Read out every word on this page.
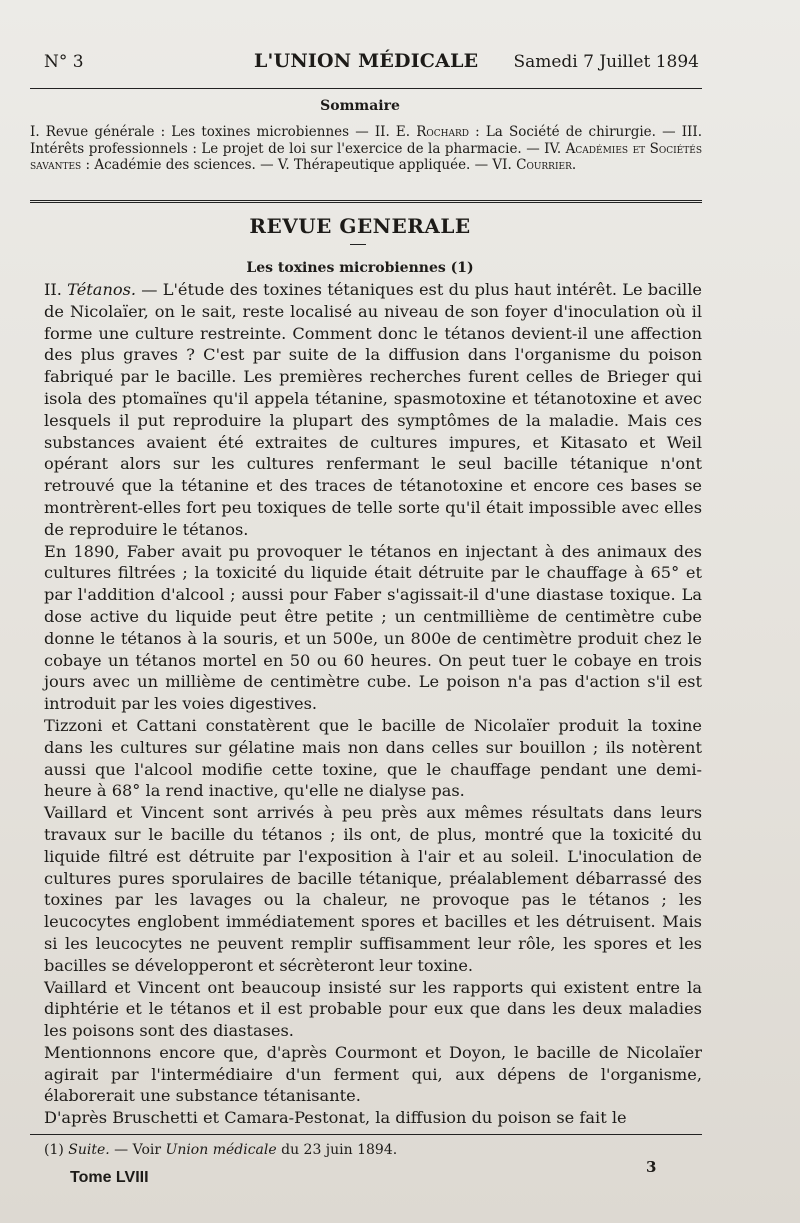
N° 3	L'UNION MÉDICALE Samedi 7 Juillet 1894
Sommaire
I. Revue générale : Les toxines microbiennes — II. E. Rochard : La Société de chirurgie. — III. Intérêts professionnels : Le projet de loi sur l'exercice de la pharmacie. — IV. Académies et Sociétés savantes : Académie des sciences. — V. Thérapeutique appliquée. — VI. Courrier.
REVUE GENERALE
Les toxines microbiennes (1)

II. Tétanos. — L'étude des toxines tétaniques est du plus haut intérêt. Le bacille de Nicolaïer, on le sait, reste localisé au niveau de son foyer d'inoculation où il forme une culture restreinte. Comment donc le tétanos devient-il une affection des plus graves ? C'est par suite de la diffusion dans l'organisme du poison fabriqué par le bacille. Les premières recherches furent celles de Brieger qui isola des ptomaïnes qu'il appela tétanine, spasmotoxine et tétanotoxine et avec lesquels il put reproduire la plupart des symptômes de la maladie. Mais ces substances avaient été extraites de cultures impures, et Kitasato et Weil opérant alors sur les cultures renfermant le seul bacille tétanique n'ont retrouvé que la tétanine et des traces de tétanotoxine et encore ces bases se montrèrent-elles fort peu toxiques de telle sorte qu'il était impossible avec elles de reproduire le tétanos.

En 1890, Faber avait pu provoquer le tétanos en injectant à des animaux des cultures filtrées ; la toxicité du liquide était détruite par le chauffage à 65° et par l'addition d'alcool ; aussi pour Faber s'agissait-il d'une diastase toxique. La dose active du liquide peut être petite ; un centmillième de centimètre cube donne le tétanos à la souris, et un 500e, un 800e de centimètre produit chez le cobaye un tétanos mortel en 50 ou 60 heures. On peut tuer le cobaye en trois jours avec un millième de centimètre cube. Le poison n'a pas d'action s'il est introduit par les voies digestives.

Tizzoni et Cattani constatèrent que le bacille de Nicolaïer produit la toxine dans les cultures sur gélatine mais non dans celles sur bouillon ; ils notèrent aussi que l'alcool modifie cette toxine, que le chauffage pendant une demi-heure à 68° la rend inactive, qu'elle ne dialyse pas.

Vaillard et Vincent sont arrivés à peu près aux mêmes résultats dans leurs travaux sur le bacille du tétanos ; ils ont, de plus, montré que la toxicité du liquide filtré est détruite par l'exposition à l'air et au soleil. L'inoculation de cultures pures sporulaires de bacille tétanique, préalablement débarrassé des toxines par les lavages ou la chaleur, ne provoque pas le tétanos ; les leucocytes englobent immédiatement spores et bacilles et les détruisent. Mais si les leucocytes ne peuvent remplir suffisamment leur rôle, les spores et les bacilles se développeront et sécrèteront leur toxine.

Vaillard et Vincent ont beaucoup insisté sur les rapports qui existent entre la diphtérie et le tétanos et il est probable pour eux que dans les deux maladies les poisons sont des diastases.

Mentionnons encore que, d'après Courmont et Doyon, le bacille de Nicolaïer agirait par l'intermédiaire d'un ferment qui, aux dépens de l'organisme, élaborerait une substance tétanisante.

D'après Bruschetti et Camara-Pestonat, la diffusion du poison se fait le

(1) Suite. — Voir Union médicale du 23 juin 1894.
Tome LVIII
3
